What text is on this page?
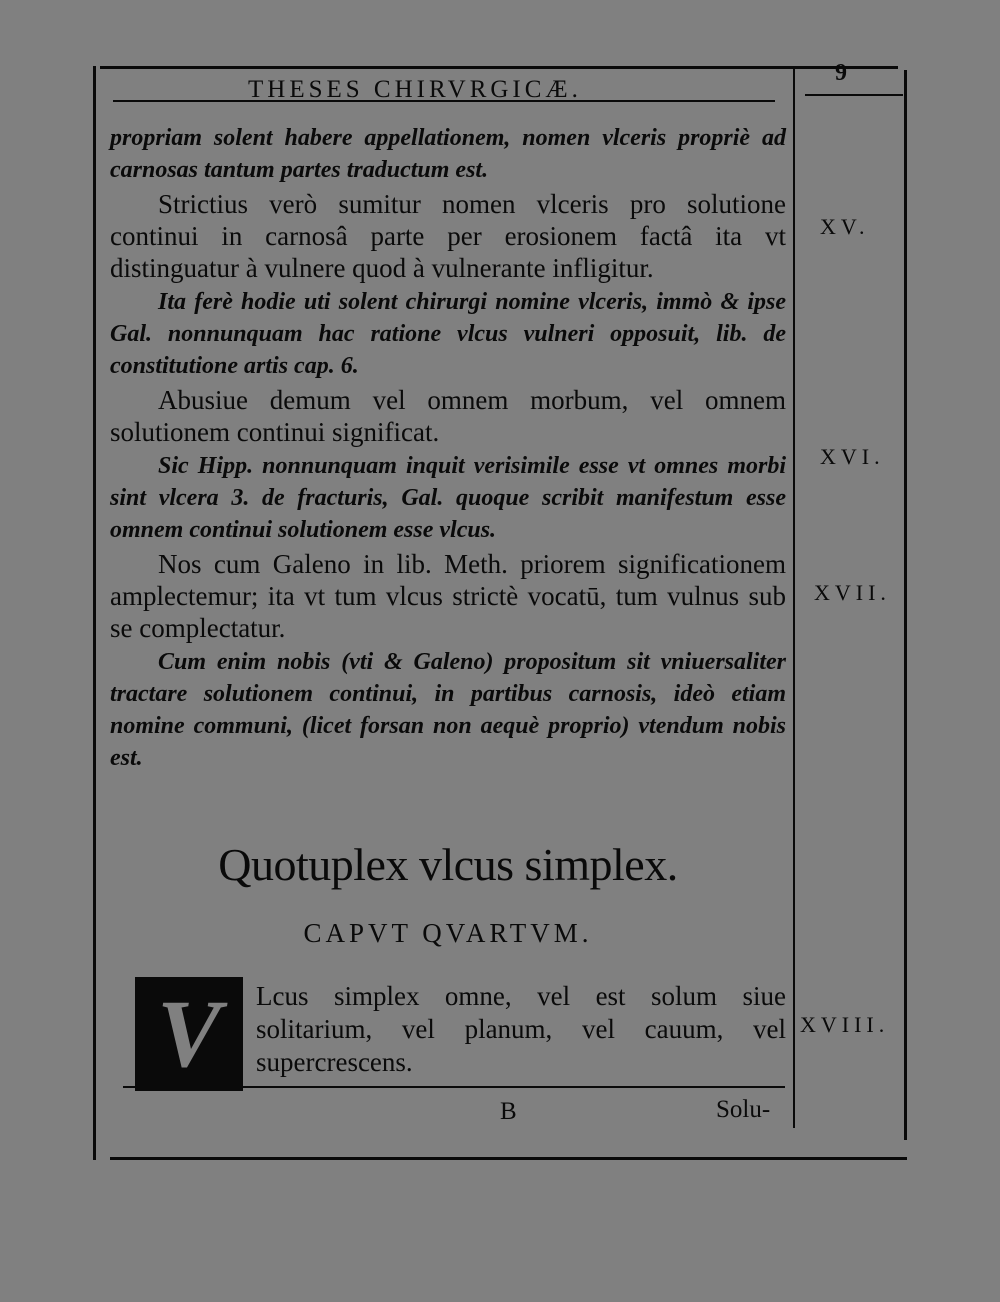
THESES CHIRVRGICÆ.
9

propriam solent habere appellationem, nomen vlceris propriè ad carnosas tantum partes traductum est.

Strictius verò sumitur nomen vlceris pro solutione continui in carnosâ parte per erosionem factâ ita vt distinguatur à vulnere quod à vulnerante infligitur.

Ita ferè hodie uti solent chirurgi nomine vlceris, immò & ipse Gal. nonnunquam hac ratione vlcus vulneri opposuit, lib. de constitutione artis cap. 6.

Abusiue demum vel omnem morbum, vel omnem solutionem continui significat.

Sic Hipp. nonnunquam inquit verisimile esse vt omnes morbi sint vlcera 3. de fracturis, Gal. quoque scribit manifestum esse omnem continui solutionem esse vlcus.

Nos cum Galeno in lib. Meth. priorem significationem amplectemur; ita vt tum vlcus strictè vocatū, tum vulnus sub se complectatur.

Cum enim nobis (vti & Galeno) propositum sit vniuersaliter tractare solutionem continui, in partibus carnosis, ideò etiam nomine communi, (licet forsan non aequè proprio) vtendum nobis est.

XV.
XVI.
XVII.
XVIII.
Quotuplex vlcus simplex.
CAPVT QVARTVM.
V Lcus simplex omne, vel est solum siue solitarium, vel planum, vel cauum, vel supercrescens.

B	Solu-
